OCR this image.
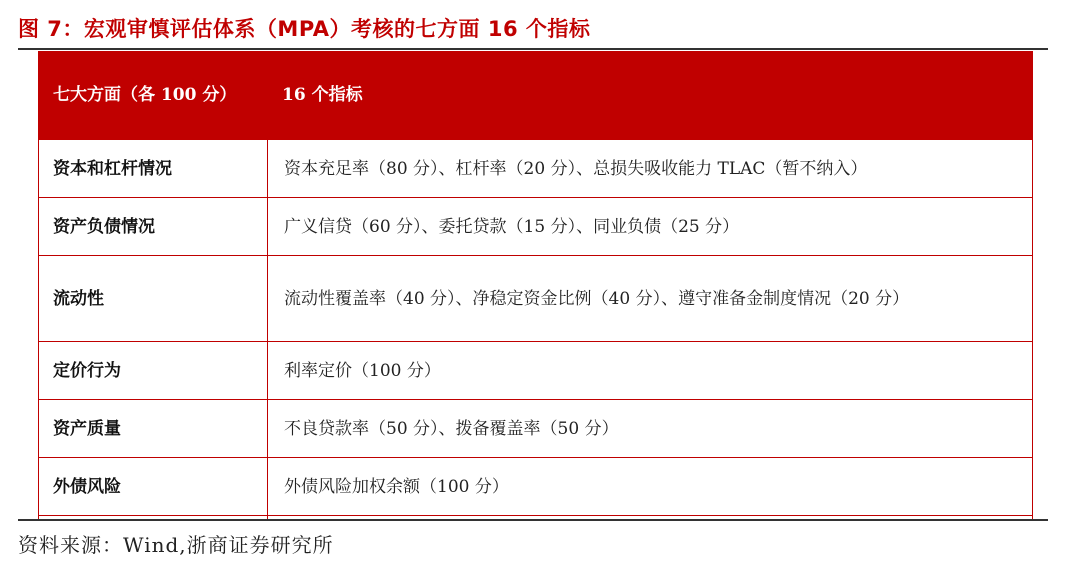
图 7：宏观审慎评估体系（MPA）考核的七方面 16 个指标
七大方面（各 100 分）	16 个指标
资本和杠杆情况	资本充足率（80 分）、杠杆率（20 分）、总损失吸收能力 TLAC（暂不纳入）
资产负债情况	广义信贷（60 分）、委托贷款（15 分）、同业负债（25 分）
流动性	流动性覆盖率（40 分）、净稳定资金比例（40 分）、遵守准备金制度情况（20 分）
定价行为	利率定价（100 分）
资产质量	不良贷款率（50 分）、拨备覆盖率（50 分）
外债风险	外债风险加权余额（100 分）

资料来源：Wind,浙商证券研究所
